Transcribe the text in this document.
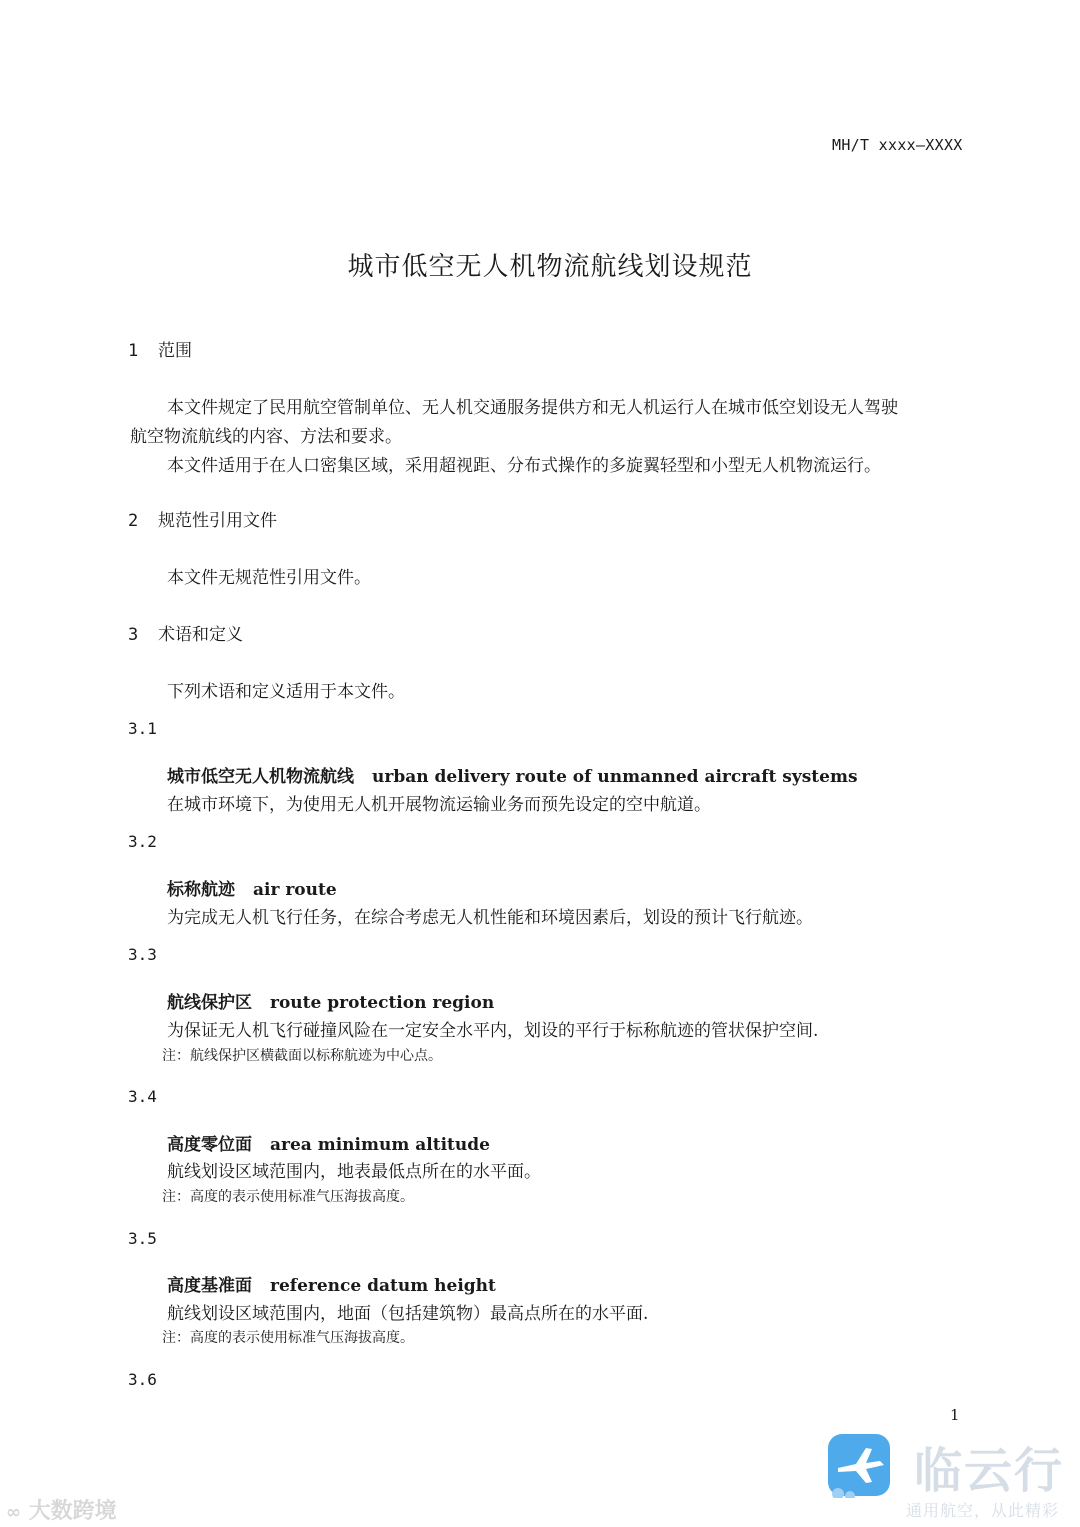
MH/T xxxx—XXXX
城市低空无人机物流航线划设规范
1 范围
本文件规定了民用航空管制单位、无人机交通服务提供方和无人机运行人在城市低空划设无人驾驶
航空物流航线的内容、方法和要求。
本文件适用于在人口密集区域，采用超视距、分布式操作的多旋翼轻型和小型无人机物流运行。
2 规范性引用文件
本文件无规范性引用文件。
3 术语和定义
下列术语和定义适用于本文件。
3.1
城市低空无人机物流航线 urban delivery route of unmanned aircraft systems
在城市环境下，为使用无人机开展物流运输业务而预先设定的空中航道。
3.2
标称航迹 air route
为完成无人机飞行任务，在综合考虑无人机性能和环境因素后，划设的预计飞行航迹。
3.3
航线保护区 route protection region
为保证无人机飞行碰撞风险在一定安全水平内，划设的平行于标称航迹的管状保护空间.
注：航线保护区横截面以标称航迹为中心点。
3.4
高度零位面 area minimum altitude
航线划设区域范围内，地表最低点所在的水平面。
注：高度的表示使用标准气压海拔高度。
3.5
高度基准面 reference datum height
航线划设区域范围内，地面（包括建筑物）最高点所在的水平面.
注：高度的表示使用标准气压海拔高度。
3.6
1
∞ 大数跨境
临云行
通用航空，从此精彩
